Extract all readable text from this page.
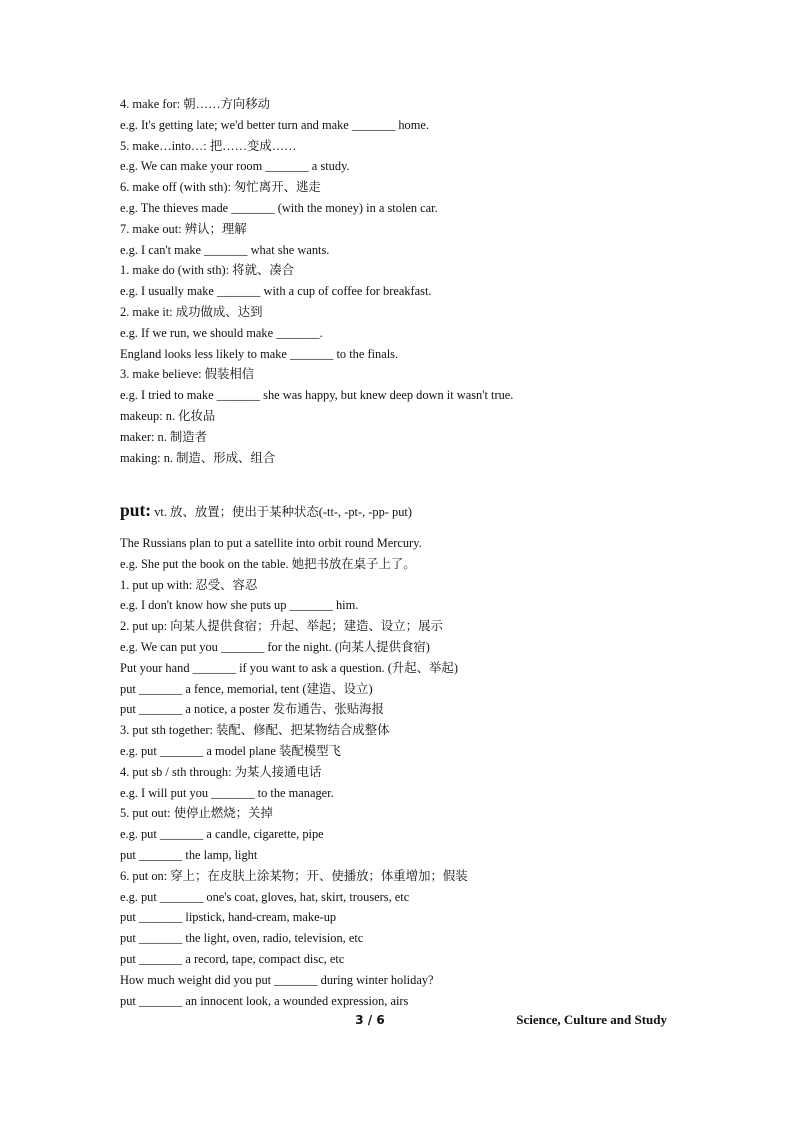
4. make for: 朝……方向移动
e.g. It's getting late; we'd better turn and make _______ home.
5. make…into…: 把……变成……
e.g. We can make your room _______ a study.
6. make off (with sth): 匆忙离开、逃走
e.g. The thieves made _______ (with the money) in a stolen car.
7. make out: 辨认；理解
e.g. I can't make _______ what she wants.
1. make do (with sth): 将就、凑合
e.g. I usually make _______ with a cup of coffee for breakfast.
2. make it: 成功做成、达到
e.g. If we run, we should make _______.
England looks less likely to make _______ to the finals.
3. make believe: 假装相信
e.g. I tried to make _______ she was happy, but knew deep down it wasn't true.
makeup: n. 化妆品
maker: n. 制造者
making: n. 制造、形成、组合
put: vt. 放、放置；使出于某种状态(-tt-, -pt-, -pp- put)
The Russians plan to put a satellite into orbit round Mercury.
e.g. She put the book on the table. 她把书放在桌子上了。
1. put up with: 忍受、容忍
e.g. I don't know how she puts up _______ him.
2. put up: 向某人提供食宿；升起、举起；建造、设立；展示
e.g. We can put you _______ for the night. (向某人提供食宿)
Put your hand _______ if you want to ask a question. (升起、举起)
put _______ a fence, memorial, tent (建造、设立)
put _______ a notice, a poster 发布通告、张贴海报
3. put sth together: 装配、修配、把某物结合成整体
e.g. put _______ a model plane 装配模型飞
4. put sb / sth through: 为某人接通电话
e.g. I will put you _______ to the manager.
5. put out: 使停止燃烧；关掉
e.g. put _______ a candle, cigarette, pipe
put _______ the lamp, light
6. put on: 穿上；在皮肤上涂某物；开、使播放；体重增加；假装
e.g. put _______ one's coat, gloves, hat, skirt, trousers, etc
put _______ lipstick, hand-cream, make-up
put _______ the light, oven, radio, television, etc
put _______ a record, tape, compact disc, etc
How much weight did you put _______ during winter holiday?
put _______ an innocent look, a wounded expression, airs
3 / 6	Science, Culture and Study
